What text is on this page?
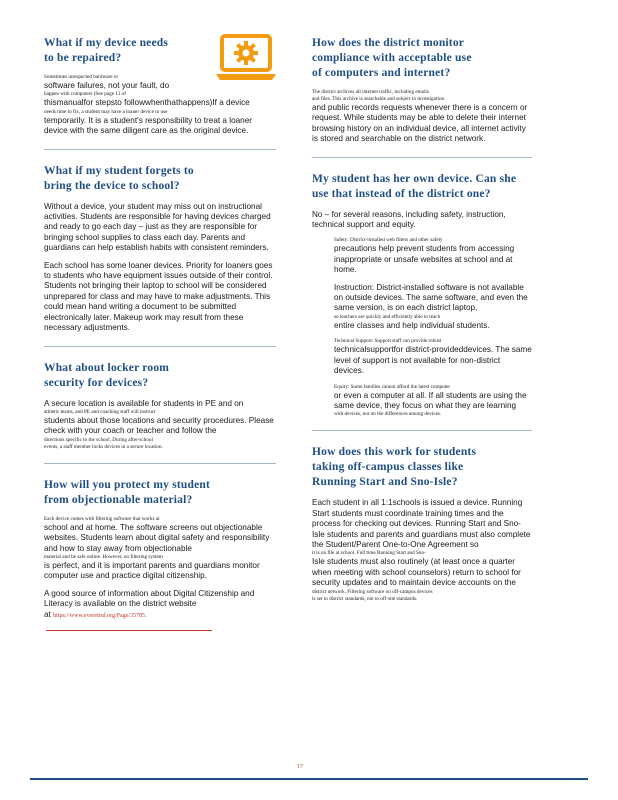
What if my device needs
to be repaired?
Sometimes unexpected hardware or

software failures, not your fault, do

happen with computers (See page 11 of

thismanualfor stepsto followwhenthathappens)If a device

needs time to fix, a student may have a loaner device to use

temporarily. It is a student's responsibility to treat a loaner device with the same diligent care as the original device.

What if my student forgets to
bring the device to school?

Without a device, your student may miss out on instructional activities. Students are responsible for having devices charged and ready to go each day – just as they are responsible for bringing school supplies to class each day. Parents and guardians can help establish habits with consistent reminders.

Each school has some loaner devices. Priority for loaners goes to students who have equipment issues outside of their control. Students not bringing their laptop to school will be considered unprepared for class and may have to make adjustments. This could mean hand writing a document to be submitted electronically later. Makeup work may result from these necessary adjustments.

What about locker room
security for devices?

A secure location is available for students in PE and on

athletic teams, and PE and coaching staff will instruct

students about those locations and security procedures. Please check with your coach or teacher and follow the

directions specific to the school. During after-school
events, a staff member locks devices in a secure location.
How will you protect my student
from objectionable material?
Each device comes with filtering software that works at

school and at home. The software screens out objectionable websites. Students learn about digital safety and responsibility and how to stay away from objectionable

material and be safe online. However, no filtering system

is perfect, and it is important parents and guardians monitor computer use and practice digital citizenship.

A good source of information about Digital Citizenship and Literacy is available on the district website

at https://www.everettsd.org/Page/35785.

How does the district monitor
compliance with acceptable use
of computers and internet?
The district archives all internet traffic, including emails
and files. This archive is searchable and subject to investigation

and public records requests whenever there is a concern or request. While students may be able to delete their internet browsing history on an individual device, all internet activity is stored and searchable on the district network.

My student has her own device. Can she
use that instead of the district one?

No – for several reasons, including safety, instruction, technical support and equity.

Safety: District-installed web filters and other safety

precautions help prevent students from accessing inappropriate or unsafe websites at school and at home.

Instruction: District-installed software is not available on outside devices. The same software, and even the same version, is on each district laptop,

so teachers are quickly and efficiently able to teach

entire classes and help individual students.

Technical Support: Support staff can provide robust

technicalsupportfor district-provideddevices. The same level of support is not available for non-district devices.

Equity: Some families cannot afford the latest computer

or even a computer at all. If all students are using the same device, they focus on what they are learning

with devices, not on the differences among devices.
How does this work for students
taking off-campus classes like
Running Start and Sno-Isle?

Each student in all 1:1schools is issued a device. Running Start students must coordinate training times and the process for checking out devices. Running Start and Sno-Isle students and parents and guardians must also complete the Student/Parent One-to-One Agreement so

it is on file at school. Full time Running Start and Sno-

Isle students must also routinely (at least once a quarter when meeting with school counselors) return to school for security updates and to maintain device accounts on the

district network. Filtering software on off-campus devices
is set to district standards, not to off-site standards.
17
